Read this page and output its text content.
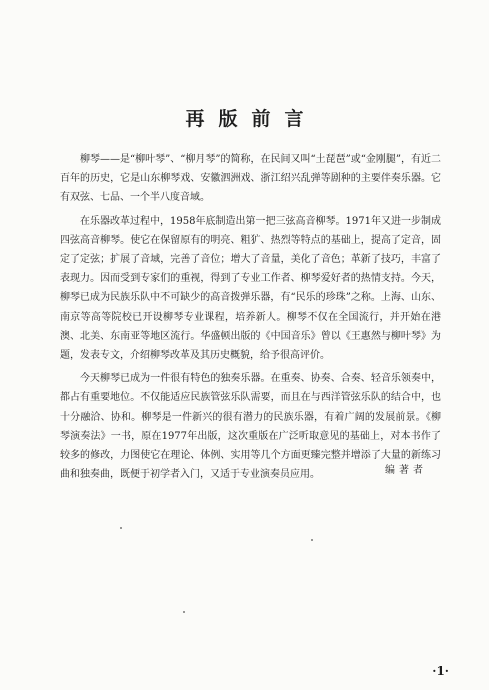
再版前言

柳琴——是“柳叶琴”、“柳月琴”的简称，在民间又叫“土琵琶”或“金刚腿”，有近二百年的历史，它是山东柳琴戏、安徽泗洲戏、浙江绍兴乱弹等剧种的主要伴奏乐器。它有双弦、七品、一个半八度音域。

在乐器改革过程中，1958年底制造出第一把三弦高音柳琴。1971年又进一步制成四弦高音柳琴。使它在保留原有的明亮、粗犷、热烈等特点的基础上，提高了定音，固定了定弦；扩展了音域，完善了音位；增大了音量，美化了音色；革新了技巧，丰富了表现力。因而受到专家们的重视，得到了专业工作者、柳琴爱好者的热情支持。今天，柳琴已成为民族乐队中不可缺少的高音拨弹乐器，有“民乐的珍珠”之称。上海、山东、南京等高等院校已开设柳琴专业课程，培养新人。柳琴不仅在全国流行，并开始在港澳、北美、东南亚等地区流行。华盛顿出版的《中国音乐》曾以《王惠然与柳叶琴》为题，发表专文，介绍柳琴改革及其历史概貌，给予很高评价。

今天柳琴已成为一件很有特色的独奏乐器。在重奏、协奏、合奏、轻音乐领奏中，都占有重要地位。不仅能适应民族管弦乐队需要，而且在与西洋管弦乐队的结合中，也十分融洽、协和。柳琴是一件新兴的很有潜力的民族乐器，有着广阔的发展前景。《柳琴演奏法》一书，原在1977年出版，这次重版在广泛听取意见的基础上，对本书作了较多的修改，力图使它在理论、体例、实用等几个方面更臻完整并增添了大量的新练习曲和独奏曲，既便于初学者入门，又适于专业演奏员应用。	编著者
·1·
